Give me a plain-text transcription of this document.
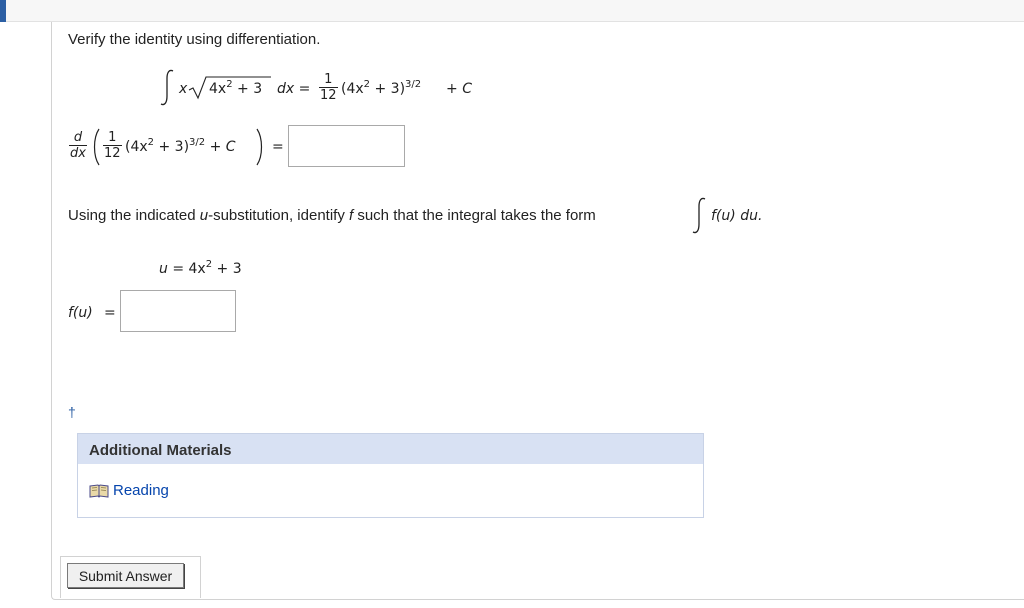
Verify the identity using differentiation.
x $4x^2 + 3$ dx = $\frac{1}{12} (4x^2 + 3)^{3/2} + C$
$\frac{d}{dx} \frac{1}{12} (4x^2 + 3)^{3/2} + C$	=
Using the indicated u-substitution, identify f such that the integral takes the form	f(u) du.
$u = 4x^2 + 3$
f(u) =
†
Additional Materials
Reading
Submit Answer
